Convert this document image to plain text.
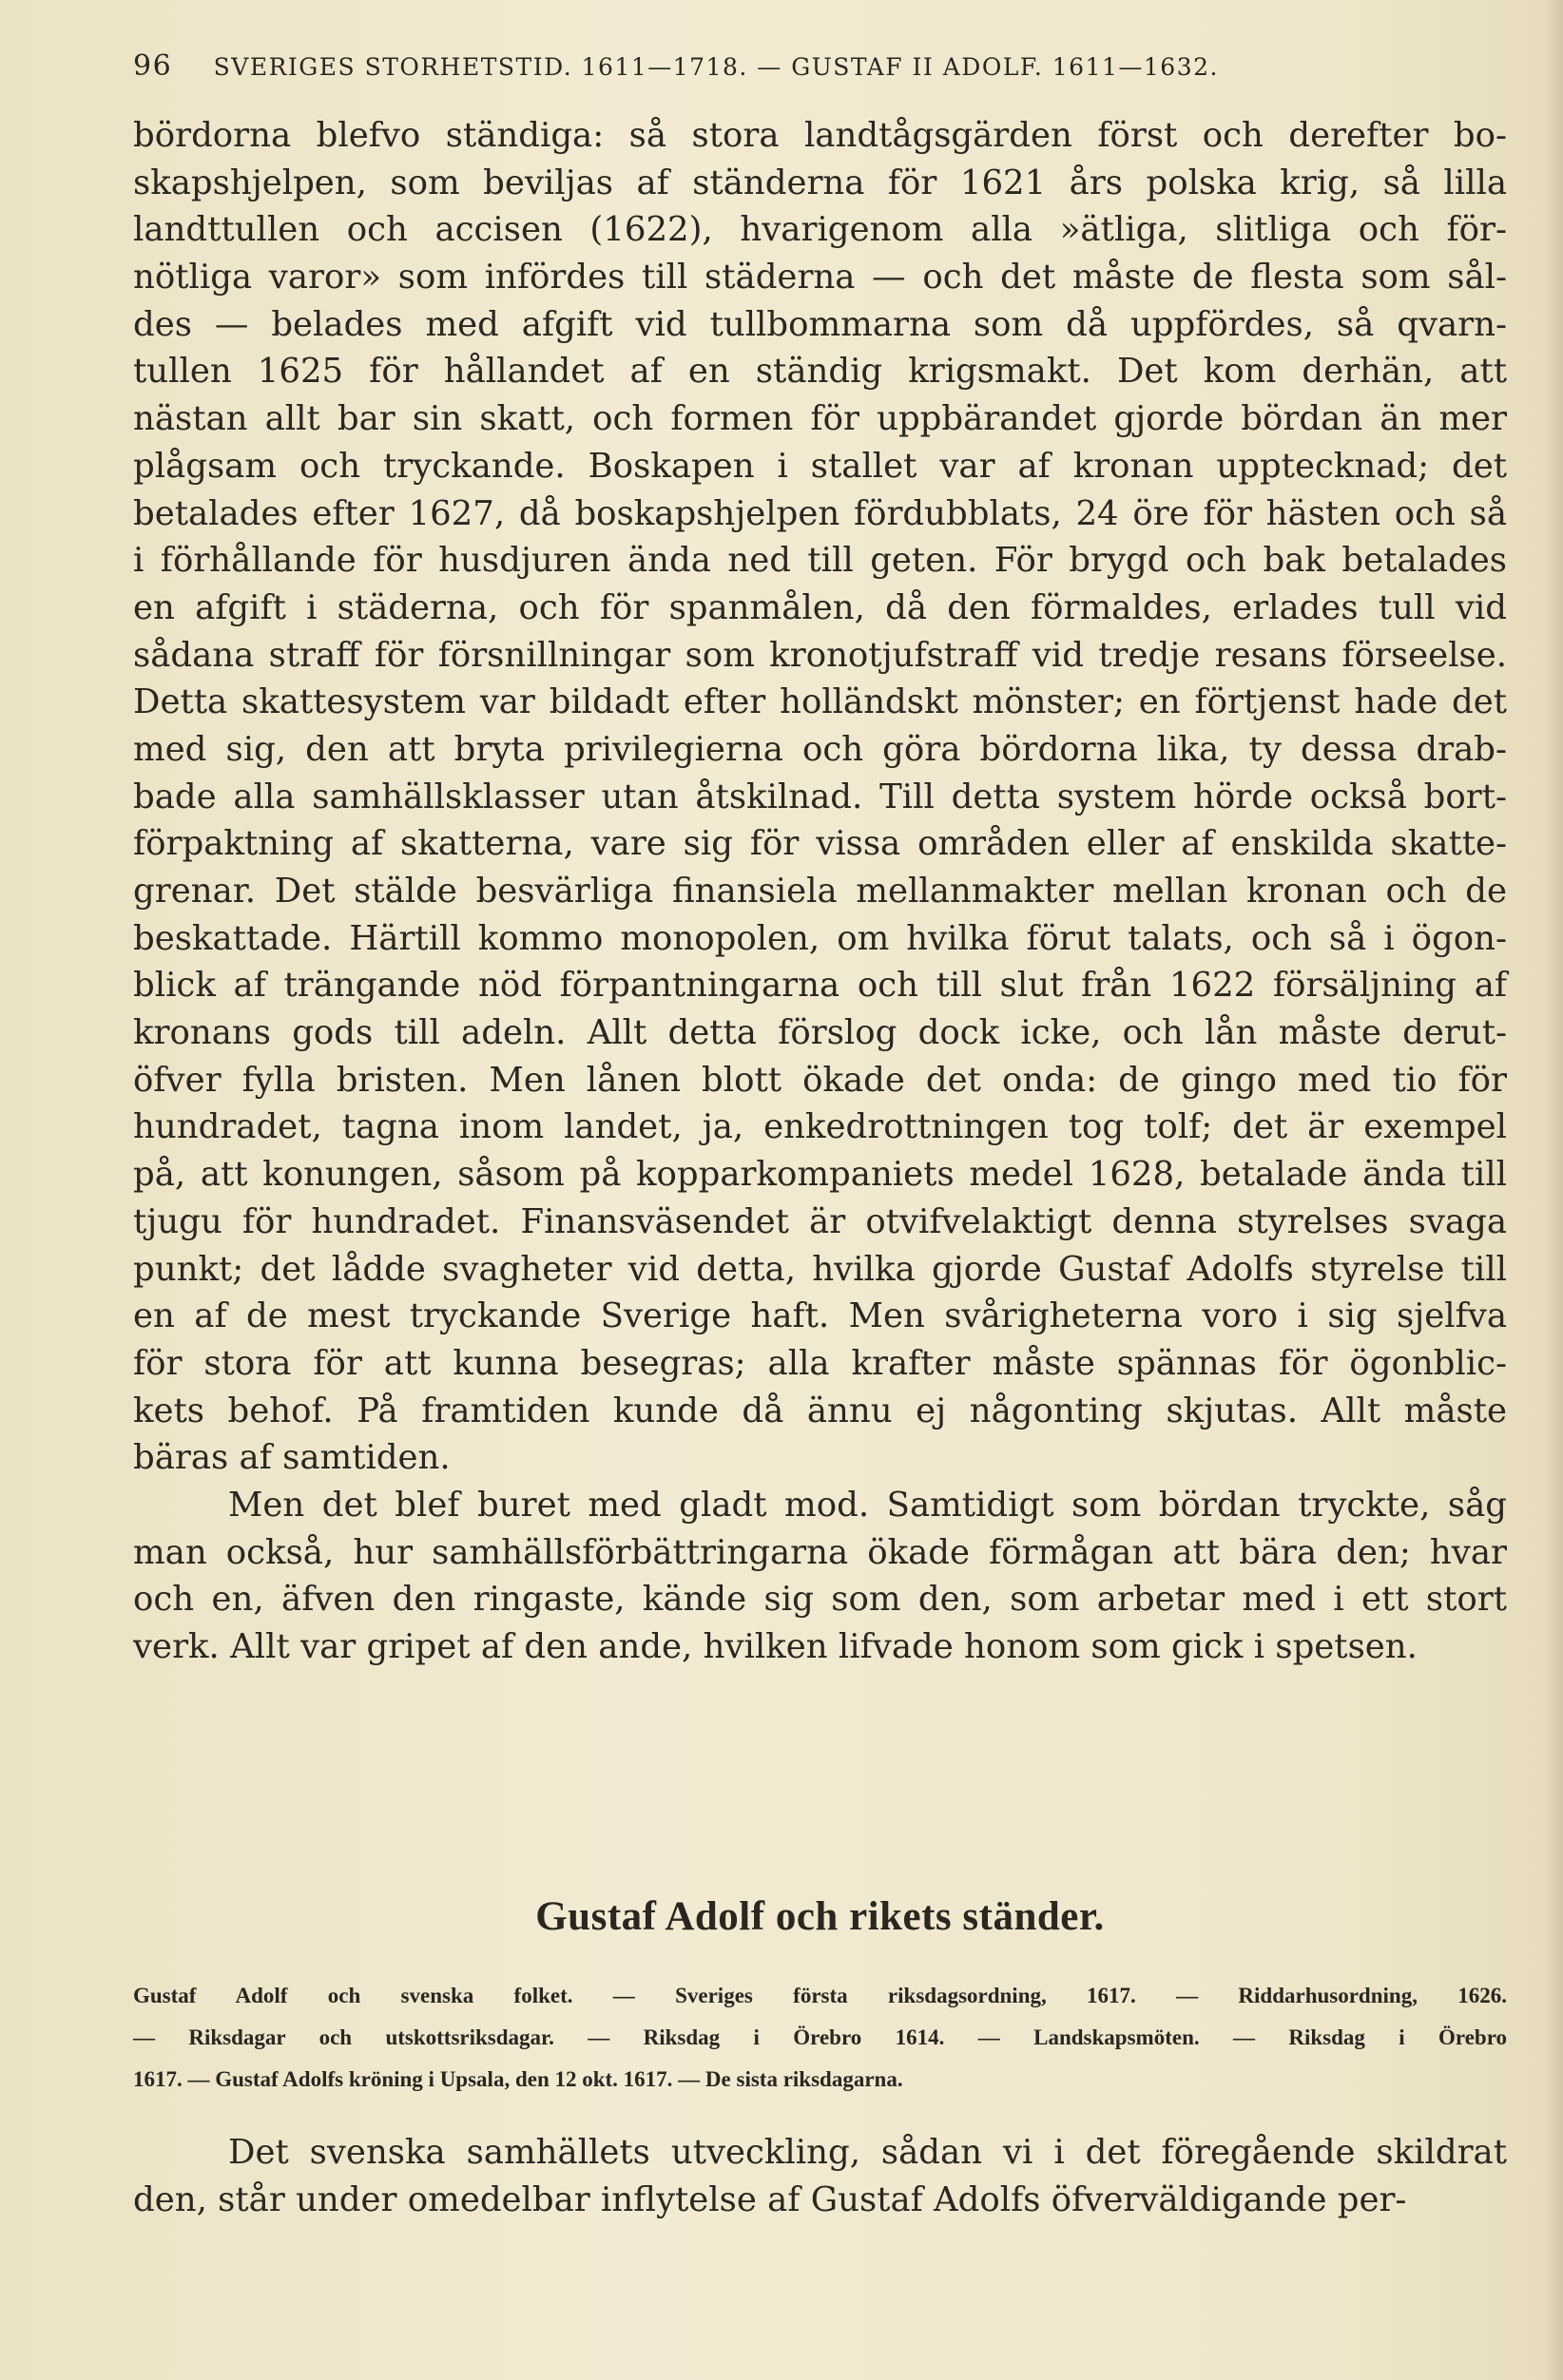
96 SVERIGES STORHETSTID. 1611—1718. — GUSTAF II ADOLF. 1611—1632.
bördorna blefvo ständiga: så stora landtågsgärden först och derefter bo-
skapshjelpen, som beviljas af ständerna för 1621 års polska krig, så lilla
landttullen och accisen (1622), hvarigenom alla »ätliga, slitliga och för-
nötliga varor» som infördes till städerna — och det måste de flesta som sål-
des — belades med afgift vid tullbommarna som då uppfördes, så qvarn-
tullen 1625 för hållandet af en ständig krigsmakt. Det kom derhän, att
nästan allt bar sin skatt, och formen för uppbärandet gjorde bördan än mer
plågsam och tryckande. Boskapen i stallet var af kronan upptecknad; det
betalades efter 1627, då boskapshjelpen fördubblats, 24 öre för hästen och så
i förhållande för husdjuren ända ned till geten. För brygd och bak betalades
en afgift i städerna, och för spanmålen, då den förmaldes, erlades tull vid
sådana straff för försnillningar som kronotjufstraff vid tredje resans förseelse.
Detta skattesystem var bildadt efter holländskt mönster; en förtjenst hade det
med sig, den att bryta privilegierna och göra bördorna lika, ty dessa drab-
bade alla samhällsklasser utan åtskilnad. Till detta system hörde också bort-
förpaktning af skatterna, vare sig för vissa områden eller af enskilda skatte-
grenar. Det stälde besvärliga finansiela mellanmakter mellan kronan och de
beskattade. Härtill kommo monopolen, om hvilka förut talats, och så i ögon-
blick af trängande nöd förpantningarna och till slut från 1622 försäljning af
kronans gods till adeln. Allt detta förslog dock icke, och lån måste derut-
öfver fylla bristen. Men lånen blott ökade det onda: de gingo med tio för
hundradet, tagna inom landet, ja, enkedrottningen tog tolf; det är exempel
på, att konungen, såsom på kopparkompaniets medel 1628, betalade ända till
tjugu för hundradet. Finansväsendet är otvifvelaktigt denna styrelses svaga
punkt; det lådde svagheter vid detta, hvilka gjorde Gustaf Adolfs styrelse till
en af de mest tryckande Sverige haft. Men svårigheterna voro i sig sjelfva
för stora för att kunna besegras; alla krafter måste spännas för ögonblic-
kets behof. På framtiden kunde då ännu ej någonting skjutas. Allt måste
bäras af samtiden.
Men det blef buret med gladt mod. Samtidigt som bördan tryckte, såg
man också, hur samhällsförbättringarna ökade förmågan att bära den; hvar
och en, äfven den ringaste, kände sig som den, som arbetar med i ett stort
verk. Allt var gripet af den ande, hvilken lifvade honom som gick i spetsen.
Gustaf Adolf och rikets ständer.
Gustaf Adolf och svenska folket. — Sveriges första riksdagsordning, 1617. — Riddarhusordning, 1626.
— Riksdagar och utskottsriksdagar. — Riksdag i Örebro 1614. — Landskapsmöten. — Riksdag i Örebro
1617. — Gustaf Adolfs kröning i Upsala, den 12 okt. 1617. — De sista riksdagarna.
Det svenska samhällets utveckling, sådan vi i det föregående skildrat
den, står under omedelbar inflytelse af Gustaf Adolfs öfverväldigande per-
